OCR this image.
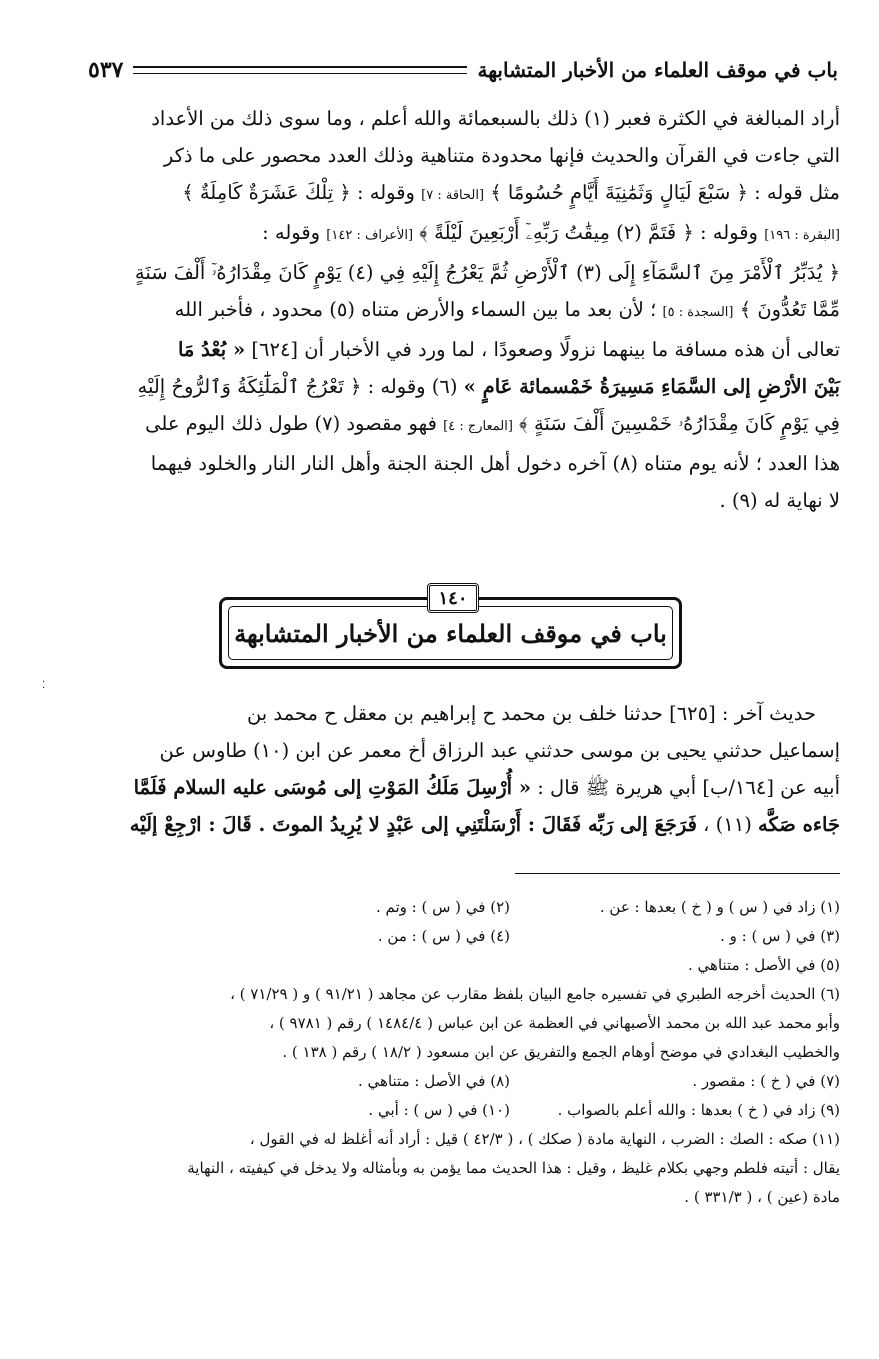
باب في موقف العلماء من الأخبار المتشابهة
٥٣٧

أراد المبالغة في الكثرة فعبر (١) ذلك بالسبعمائة والله أعلم ، وما سوى ذلك من الأعداد

التي جاءت في القرآن والحديث فإنها محدودة متناهية وذلك العدد محصور على ما ذكر

مثل قوله : ﴿ سَبْعَ لَيَالٍ وَثَمَٰنِيَةَ أَيَّامٍ حُسُومًا ﴾ [الحاقة : ٧] وقوله : ﴿ تِلْكَ عَشَرَةٌ كَامِلَةٌ ﴾

[البقرة : ١٩٦] وقوله : ﴿ فَتَمَّ (٢) مِيقَٰتُ رَبِّهِۦٓ أَرْبَعِينَ لَيْلَةً ﴾ [الأعراف : ١٤٢] وقوله :

﴿ يُدَبِّرُ ٱلْأَمْرَ مِنَ ٱلسَّمَآءِ إِلَى (٣) ٱلْأَرْضِ ثُمَّ يَعْرُجُ إِلَيْهِ فِي (٤) يَوْمٍ كَانَ مِقْدَارُهُۥٓ أَلْفَ سَنَةٍ

مِّمَّا تَعُدُّونَ ﴾ [السجدة : ٥] ؛ لأن بعد ما بين السماء والأرض متناه (٥) محدود ، فأخبر الله

تعالى أن هذه مسافة ما بينهما نزولًا وصعودًا ، لما ورد في الأخبار أن [٦٢٤] « بُعْدُ مَا

بَيْنَ الأرْضِ إلى السَّمَاءِ مَسِيرَةُ خَمْسمائة عَامٍ » (٦) وقوله : ﴿ تَعْرُجُ ٱلْمَلَٰٓئِكَةُ وَٱلرُّوحُ إِلَيْهِ

فِي يَوْمٍ كَانَ مِقْدَارُهُۥ خَمْسِينَ أَلْفَ سَنَةٍ ﴾ [المعارج : ٤] فهو مقصود (٧) طول ذلك اليوم على

هذا العدد ؛ لأنه يوم متناه (٨) آخره دخول أهل الجنة الجنة وأهل النار النار والخلود فيهما

لا نهاية له (٩) .

١٤٠
باب في موقف العلماء من الأخبار المتشابهة
⁚

حديث آخر : [٦٢٥] حدثنا خلف بن محمد ح إبراهيم بن معقل ح محمد بن

إسماعيل حدثني يحيى بن موسى حدثني عبد الرزاق أخ معمر عن ابن (١٠) طاوس عن

أبيه عن [١٦٤/ب] أبي هريرة ﷺ قال : « أُرْسِلَ مَلَكُ المَوْتِ إلى مُوسَى عليه السلام فَلَمَّا

جَاءه صَكَّه (١١) ، فَرَجَعَ إلى رَبِّه فَقَالَ : أَرْسَلْتَنِي إلى عَبْدٍ لا يُرِيدُ الموتَ . قَالَ : ارْجِعْ إلَيْه

(١) زاد في ( س ) و ( خ ) بعدها : عن .
(٢) في ( س ) : وتم .
(٣) في ( س ) : و .
(٤) في ( س ) : من .
(٥) في الأصل : متناهي .
(٦) الحديث أخرجه الطبري في تفسيره جامع البيان بلفظ مقارب عن مجاهد ( ٩١/٢١ ) و ( ٧١/٢٩ ) ،
وأبو محمد عبد الله بن محمد الأصبهاني في العظمة عن ابن عباس ( ١٤٨٤/٤ ) رقم ( ٩٧٨١ ) ،
والخطيب البغدادي في موضح أوهام الجمع والتفريق عن ابن مسعود ( ١٨/٢ ) رقم ( ١٣٨ ) .
(٧) في ( خ ) : مقصور .
(٨) في الأصل : متناهي .
(٩) زاد في ( خ ) بعدها : والله أعلم بالصواب .
(١٠) في ( س ) : أبي .
(١١) صكه : الصك : الضرب ، النهاية مادة ( صكك ) ، ( ٤٢/٣ ) قيل : أراد أنه أغلظ له في القول ،
يقال : أتيته فلطم وجهي بكلام غليظ ، وقيل : هذا الحديث مما يؤمن به وبأمثاله ولا يدخل في كيفيته ، النهاية
مادة (عين ) ، ( ٣٣١/٣ ) .
